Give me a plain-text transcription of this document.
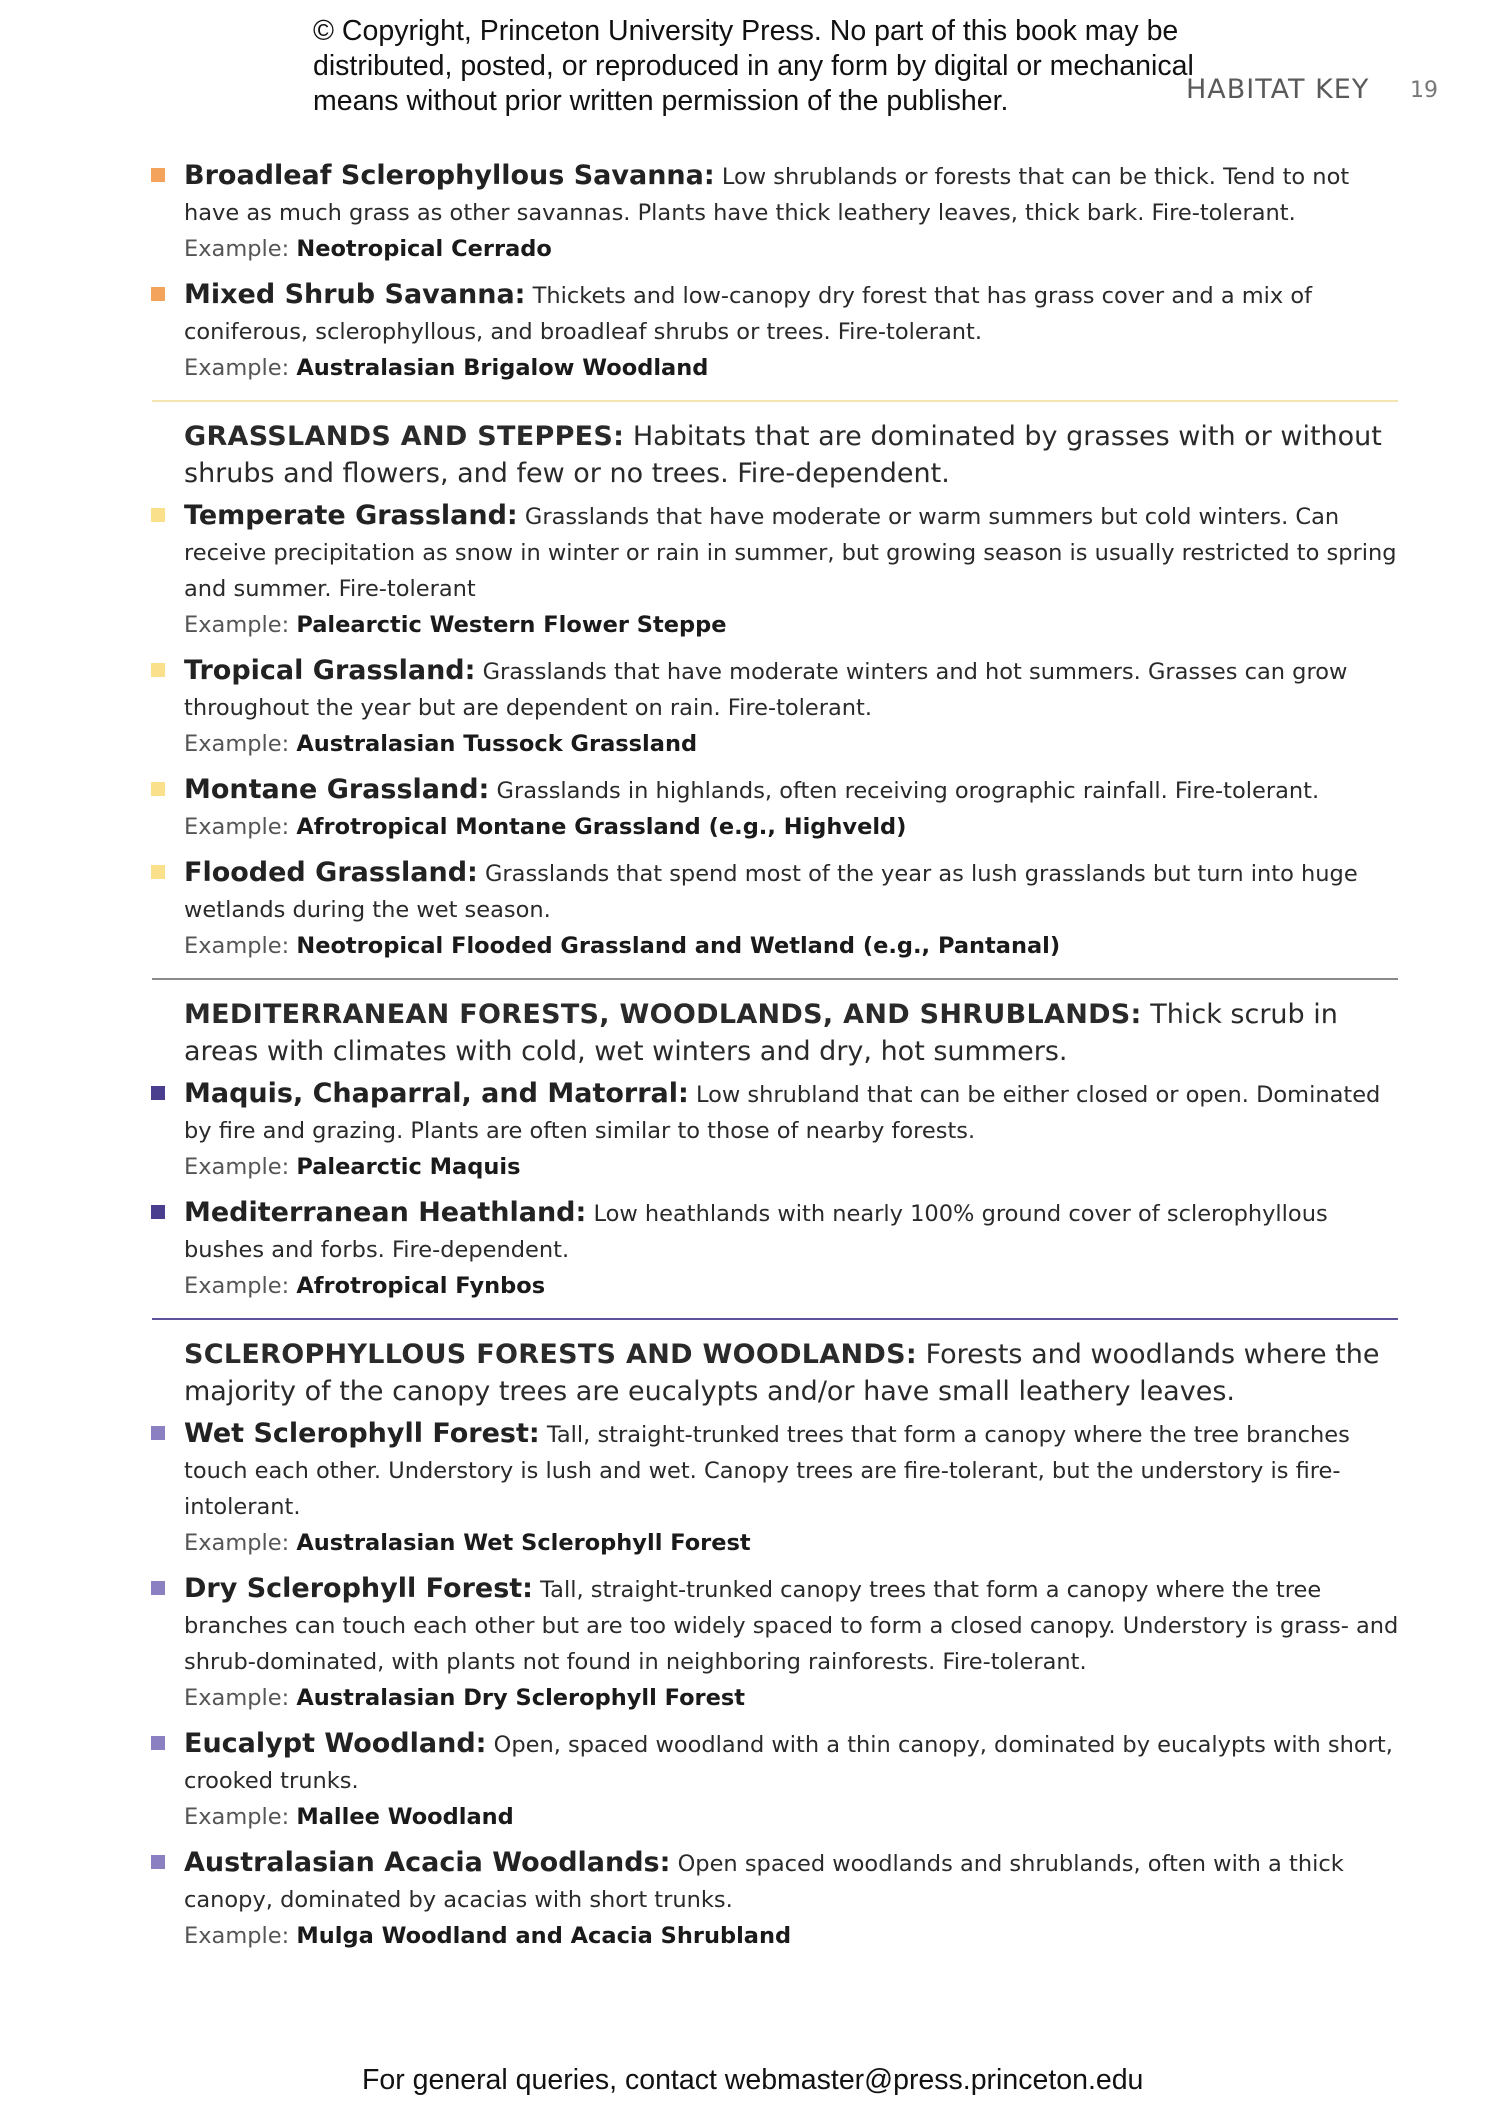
© Copyright, Princeton University Press. No part of this book may be
distributed, posted, or reproduced in any form by digital or mechanical
means without prior written permission of the publisher.	HABITAT KEY 19
Broadleaf Sclerophyllous Savanna: Low shrublands or forests that can be thick. Tend to not have as much grass as other savannas. Plants have thick leathery leaves, thick bark. Fire-tolerant.
Example: Neotropical Cerrado
Mixed Shrub Savanna: Thickets and low-canopy dry forest that has grass cover and a mix of coniferous, sclerophyllous, and broadleaf shrubs or trees. Fire-tolerant.
Example: Australasian Brigalow Woodland
GRASSLANDS AND STEPPES: Habitats that are dominated by grasses with or without shrubs and flowers, and few or no trees. Fire-dependent.
Temperate Grassland: Grasslands that have moderate or warm summers but cold winters. Can receive precipitation as snow in winter or rain in summer, but growing season is usually restricted to spring and summer. Fire-tolerant
Example: Palearctic Western Flower Steppe
Tropical Grassland: Grasslands that have moderate winters and hot summers. Grasses can grow throughout the year but are dependent on rain. Fire-tolerant.
Example: Australasian Tussock Grassland
Montane Grassland: Grasslands in highlands, often receiving orographic rainfall. Fire-tolerant.
Example: Afrotropical Montane Grassland (e.g., Highveld)
Flooded Grassland: Grasslands that spend most of the year as lush grasslands but turn into huge wetlands during the wet season.
Example: Neotropical Flooded Grassland and Wetland (e.g., Pantanal)
MEDITERRANEAN FORESTS, WOODLANDS, AND SHRUBLANDS: Thick scrub in areas with climates with cold, wet winters and dry, hot summers.
Maquis, Chaparral, and Matorral: Low shrubland that can be either closed or open. Dominated by fire and grazing. Plants are often similar to those of nearby forests.
Example: Palearctic Maquis
Mediterranean Heathland: Low heathlands with nearly 100% ground cover of sclerophyllous bushes and forbs. Fire-dependent.
Example: Afrotropical Fynbos
SCLEROPHYLLOUS FORESTS AND WOODLANDS: Forests and woodlands where the majority of the canopy trees are eucalypts and/or have small leathery leaves.
Wet Sclerophyll Forest: Tall, straight-trunked trees that form a canopy where the tree branches touch each other. Understory is lush and wet. Canopy trees are fire-tolerant, but the understory is fire-intolerant.
Example: Australasian Wet Sclerophyll Forest
Dry Sclerophyll Forest: Tall, straight-trunked canopy trees that form a canopy where the tree branches can touch each other but are too widely spaced to form a closed canopy. Understory is grass- and shrub-dominated, with plants not found in neighboring rainforests. Fire-tolerant.
Example: Australasian Dry Sclerophyll Forest
Eucalypt Woodland: Open, spaced woodland with a thin canopy, dominated by eucalypts with short, crooked trunks.
Example: Mallee Woodland
Australasian Acacia Woodlands: Open spaced woodlands and shrublands, often with a thick canopy, dominated by acacias with short trunks.
Example: Mulga Woodland and Acacia Shrubland
For general queries, contact webmaster@press.princeton.edu
